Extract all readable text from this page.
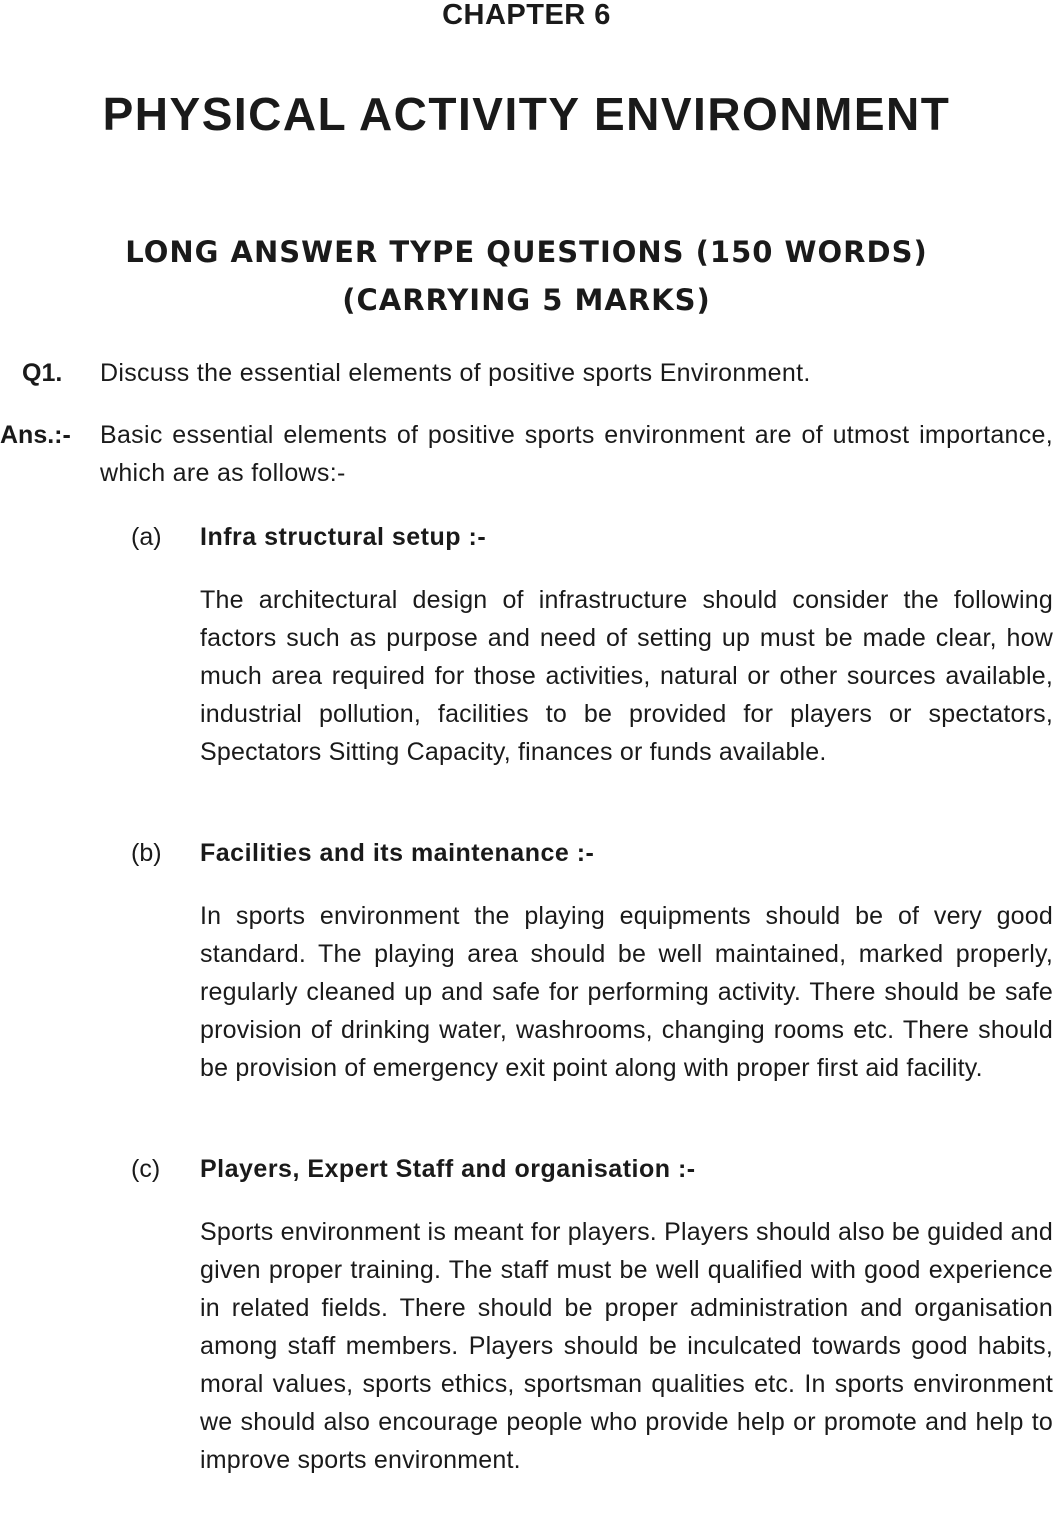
CHAPTER 6
PHYSICAL ACTIVITY ENVIRONMENT
LONG ANSWER TYPE QUESTIONS (150 WORDS)
(CARRYING 5 MARKS)
Q1. Discuss the essential elements of positive sports Environment.
Ans.:- Basic essential elements of positive sports environment are of utmost importance, which are as follows:-
(a) Infra structural setup :-
The architectural design of infrastructure should consider the following factors such as purpose and need of setting up must be made clear, how much area required for those activities, natural or other sources available, industrial pollution, facilities to be provided for players or spectators, Spectators Sitting Capacity, finances or funds available.
(b) Facilities and its maintenance :-
In sports environment the playing equipments should be of very good standard. The playing area should be well maintained, marked properly, regularly cleaned up and safe for performing activity. There should be safe provision of drinking water, washrooms, changing rooms etc. There should be provision of emergency exit point along with proper first aid facility.
(c) Players, Expert Staff and organisation :-
Sports environment is meant for players. Players should also be guided and given proper training. The staff must be well qualified with good experience in related fields. There should be proper administration and organisation among staff members. Players should be inculcated towards good habits, moral values, sports ethics, sportsman qualities etc. In sports environment we should also encourage people who provide help or promote and help to improve sports environment.
